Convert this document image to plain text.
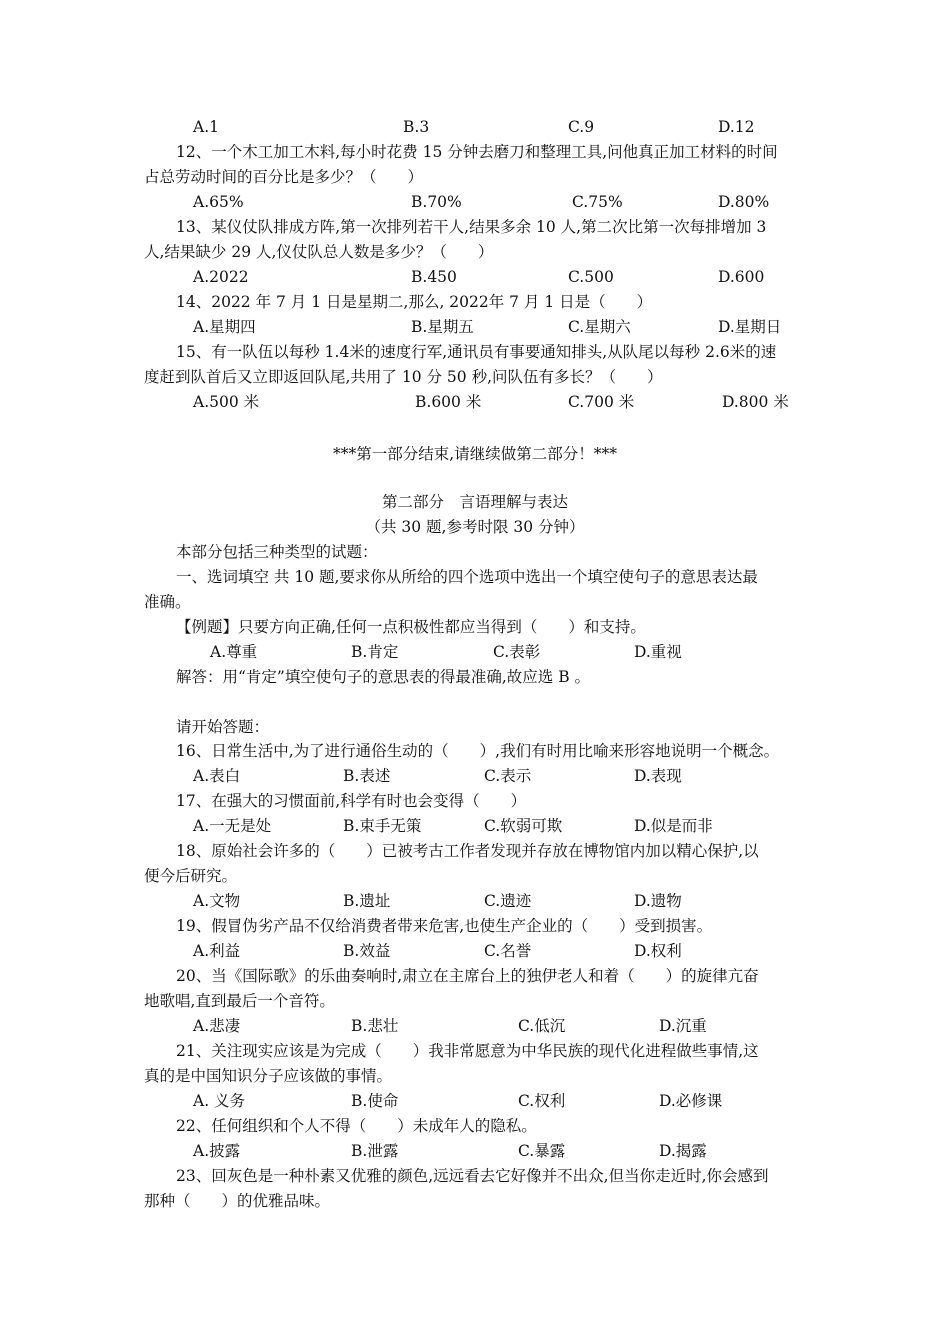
A.1	B.3	C.9	D.12
12、一个木工加工木料,每小时花费 15 分钟去磨刀和整理工具,问他真正加工材料的时间
占总劳动时间的百分比是多少？（　　）
A.65%	B.70%	C.75%	D.80%
13、某仪仗队排成方阵,第一次排列若干人,结果多余 10 人,第二次比第一次每排增加 3
人,结果缺少 29 人,仪仗队总人数是多少？（　　）
A.2022	B.450	C.500	D.600
14、2022 年 7 月 1 日是星期二,那么, 2022年 7 月 1 日是（　　）
A.星期四	B.星期五	C.星期六	D.星期日
15、有一队伍以每秒 1.4米的速度行军,通讯员有事要通知排头,从队尾以每秒 2.6米的速
度赶到队首后又立即返回队尾,共用了 10 分 50 秒,问队伍有多长？（　　）
A.500 米	B.600 米	C.700 米	D.800 米
***第一部分结束,请继续做第二部分！***
第二部分　言语理解与表达
（共 30 题,参考时限 30 分钟）
本部分包括三种类型的试题：
一、选词填空 共 10 题,要求你从所给的四个选项中选出一个填空使句子的意思表达最
准确。
【例题】只要方向正确,任何一点积极性都应当得到（　　）和支持。
A.尊重	B.肯定	C.表彰	D.重视
解答：用“肯定”填空使句子的意思表的得最准确,故应选 B 。
请开始答题：
16、日常生活中,为了进行通俗生动的（　　）,我们有时用比喻来形容地说明一个概念。
A.表白	B.表述	C.表示	D.表现
17、在强大的习惯面前,科学有时也会变得（　　）
A.一无是处	B.束手无策	C.软弱可欺	D.似是而非
18、原始社会许多的（　　）已被考古工作者发现并存放在博物馆内加以精心保护,以
便今后研究。
A.文物	B.遗址	C.遗迹	D.遗物
19、假冒伪劣产品不仅给消费者带来危害,也使生产企业的（　　）受到损害。
A.利益	B.效益	C.名誉	D.权利
20、当《国际歌》的乐曲奏响时,肃立在主席台上的独伊老人和着（　　）的旋律亢奋
地歌唱,直到最后一个音符。
A.悲凄	B.悲壮	C.低沉	D.沉重
21、关注现实应该是为完成（　　）我非常愿意为中华民族的现代化进程做些事情,这
真的是中国知识分子应该做的事情。
A. 义务	B.使命	C.权利	D.必修课
22、任何组织和个人不得（　　）未成年人的隐私。
A.披露	B.泄露	C.暴露	D.揭露
23、回灰色是一种朴素又优雅的颜色,远远看去它好像并不出众,但当你走近时,你会感到
那种（　　）的优雅品味。
